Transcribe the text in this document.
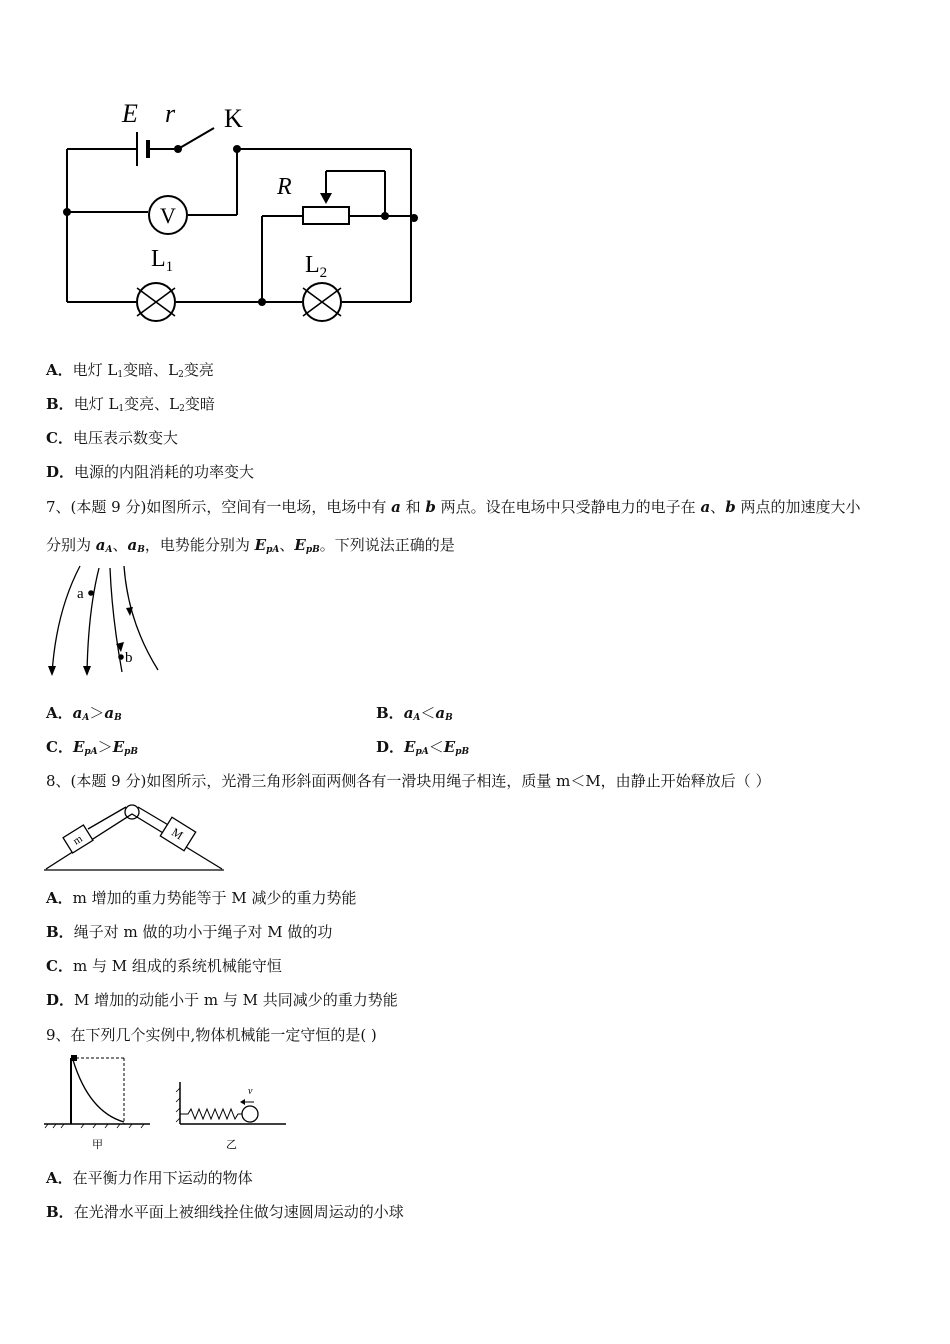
E r K
R
V
$L_1$	$L_2$
A．电灯 $L_1$变暗、$L_2$变亮
B．电灯 $L_1$变亮、$L_2$变暗
C．电压表示数变大
D．电源的内阻消耗的功率变大
7、(本题 9 分)如图所示，空间有一电场，电场中有 a 和 b 两点。设在电场中只受静电力的电子在 a、b 两点的加速度大小
分别为 $a_A$、$a_B$，电势能分别为 $E_{pA}$、$E_{pB}$。下列说法正确的是
a
b
A．$a_A>a_B$	B．$a_A<a_B$
C．$E_{pA}>E_{pB}$	D．$E_{pA}<E_{pB}$
8、(本题 9 分)如图所示，光滑三角形斜面两侧各有一滑块用绳子相连，质量 m＜M，由静止开始释放后（ ）
m	M
A．m 增加的重力势能等于 M 减少的重力势能
B．绳子对 m 做的功小于绳子对 M 做的功
C．m 与 M 组成的系统机械能守恒
D．M 增加的动能小于 m 与 M 共同减少的重力势能
9、在下列几个实例中,物体机械能一定守恒的是( )
甲
v
乙
A．在平衡力作用下运动的物体
B．在光滑水平面上被细线拴住做匀速圆周运动的小球
